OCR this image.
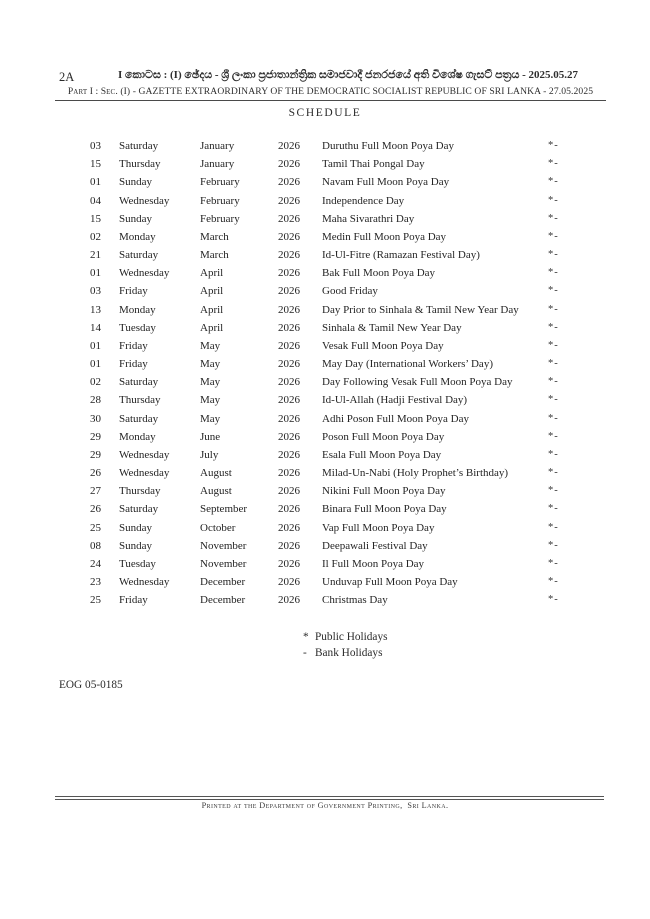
2A	I කොටස : (I) ඡේදය - ශ්‍රී ලංකා ප්‍රජාතාන්ත්‍රික සමාජවාදී ජනරජයේ අති විශේෂ ගැසට් පත්‍රය - 2025.05.27
Part I : Sec. (I) - GAZETTE EXTRAORDINARY OF THE DEMOCRATIC SOCIALIST REPUBLIC OF SRI LANKA - 27.05.2025
SCHEDULE
03	Saturday	January	2026	Duruthu Full Moon Poya Day	*-
15	Thursday	January	2026	Tamil Thai Pongal Day	*-
01	Sunday	February	2026	Navam Full Moon Poya Day	*-
04	Wednesday	February	2026	Independence Day	*-
15	Sunday	February	2026	Maha Sivarathri Day	*-
02	Monday	March	2026	Medin Full Moon Poya Day	*-
21	Saturday	March	2026	Id-Ul-Fitre (Ramazan Festival Day)	*-
01	Wednesday	April	2026	Bak Full Moon Poya Day	*-
03	Friday	April	2026	Good Friday	*-
13	Monday	April	2026	Day Prior to Sinhala & Tamil New Year Day	*-
14	Tuesday	April	2026	Sinhala & Tamil New Year Day	*-
01	Friday	May	2026	Vesak Full Moon Poya Day	*-
01	Friday	May	2026	May Day (International Workers’ Day)	*-
02	Saturday	May	2026	Day Following Vesak Full Moon Poya Day	*-
28	Thursday	May	2026	Id-Ul-Allah (Hadji Festival Day)	*-
30	Saturday	May	2026	Adhi Poson Full Moon Poya Day	*-
29	Monday	June	2026	Poson Full Moon Poya Day	*-
29	Wednesday	July	2026	Esala Full Moon Poya Day	*-
26	Wednesday	August	2026	Milad-Un-Nabi (Holy Prophet’s Birthday)	*-
27	Thursday	August	2026	Nikini Full Moon Poya Day	*-
26	Saturday	September	2026	Binara Full Moon Poya Day	*-
25	Sunday	October	2026	Vap Full Moon Poya Day	*-
08	Sunday	November	2026	Deepawali Festival Day	*-
24	Tuesday	November	2026	Il Full Moon Poya Day	*-
23	Wednesday	December	2026	Unduvap Full Moon Poya Day	*-
25	Friday	December	2026	Christmas Day	*-
* Public Holidays
- Bank Holidays
EOG 05-0185
Printed at the Department of Government Printing,  Sri Lanka.
